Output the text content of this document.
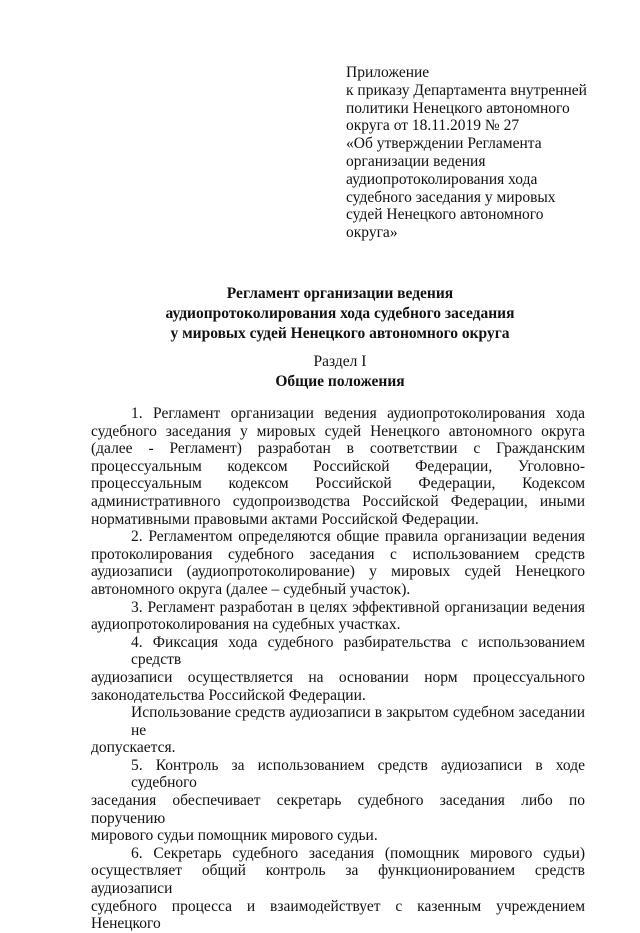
Приложение
к приказу Департамента внутренней
политики Ненецкого автономного
округа от 18.11.2019 № 27
«Об утверждении Регламента
организации ведения
аудиопротоколирования хода
судебного заседания у мировых
судей Ненецкого автономного
округа»
Регламент организации ведения
аудиопротоколирования хода судебного заседания
у мировых судей Ненецкого автономного округа
Раздел I
Общие положения
1. Регламент организации ведения аудиопротоколирования хода
судебного заседания у мировых судей Ненецкого автономного округа
(далее - Регламент) разработан в соответствии с Гражданским
процессуальным кодексом Российской Федерации, Уголовно-
процессуальным кодексом Российской Федерации, Кодексом
административного судопроизводства Российской Федерации, иными
нормативными правовыми актами Российской Федерации.
2. Регламентом определяются общие правила организации ведения
протоколирования судебного заседания с использованием средств
аудиозаписи (аудиопротоколирование) у мировых судей Ненецкого
автономного округа (далее – судебный участок).
3. Регламент разработан в целях эффективной организации ведения
аудиопротоколирования на судебных участках.
4. Фиксация хода судебного разбирательства с использованием средств
аудиозаписи осуществляется на основании норм процессуального
законодательства Российской Федерации.
Использование средств аудиозаписи в закрытом судебном заседании не
допускается.
5. Контроль за использованием средств аудиозаписи в ходе судебного
заседания обеспечивает секретарь судебного заседания либо по поручению
мирового судьи помощник мирового судьи.
6. Секретарь судебного заседания (помощник мирового судьи)
осуществляет общий контроль за функционированием средств аудиозаписи
судебного процесса и взаимодействует с казенным учреждением Ненецкого
